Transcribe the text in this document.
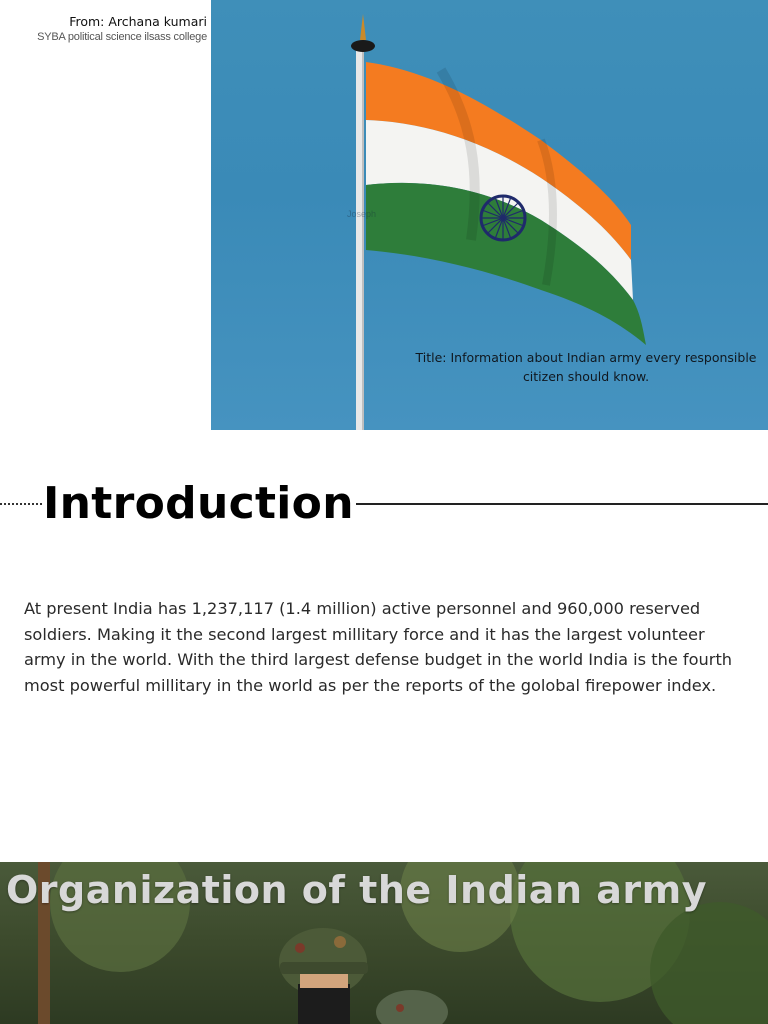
From: Archana kumari
SYBA political science ilsass college
Joseph
Title: Information about Indian army every responsible citizen should know.
Introduction

At present India has 1,237,117 (1.4 million) active personnel and 960,000 reserved soldiers. Making it the second largest millitary force and it has the largest volunteer army in the world. With the third largest defense budget in the world India is the fourth most powerful millitary in the world as per the reports of the golobal firepower index.

Organization of the Indian army
